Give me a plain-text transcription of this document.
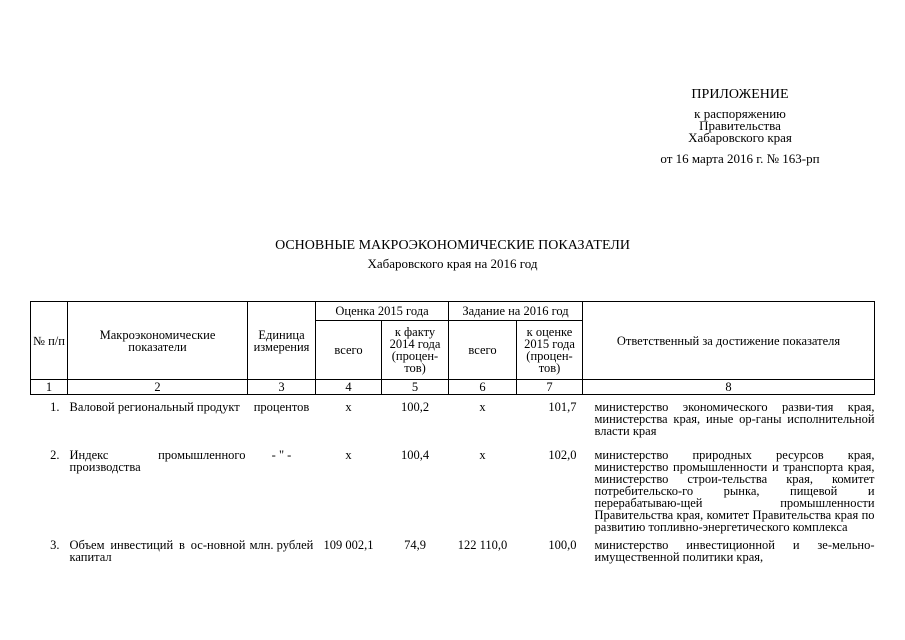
ПРИЛОЖЕНИЕ
к распоряжению
Правительства
Хабаровского края
от 16 марта 2016 г. № 163-рп
ОСНОВНЫЕ МАКРОЭКОНОМИЧЕСКИЕ ПОКАЗАТЕЛИ
Хабаровского края на 2016 год
№ п/п	Макроэкономические показатели	Единица измерения	Оценка 2015 года		Задание на 2016 год		Ответственный за достижение показателя
			всего	к факту 2014 года (процен- тов)	всего	к оценке 2015 года (процен- тов)	
1	2	3	4	5	6	7	8
1.	Валовой региональный продукт	процентов	х	100,2	х	101,7	министерство экономического разви-тия края, министерства края, иные ор-ганы исполнительной власти края
2.	Индекс промышленного производства	- " -	х	100,4	х	102,0	министерство природных ресурсов края, министерство промышленности и транспорта края, министерство строи-тельства края, комитет потребительско-го рынка, пищевой и перерабатываю-щей промышленности Правительства края, комитет Правительства края по развитию топливно-энергетического комплекса
3.	Объем инвестиций в ос-новной капитал	млн. рублей	109 002,1	74,9	122 110,0	100,0	министерство инвестиционной и зе-мельно-имущественной политики края,
